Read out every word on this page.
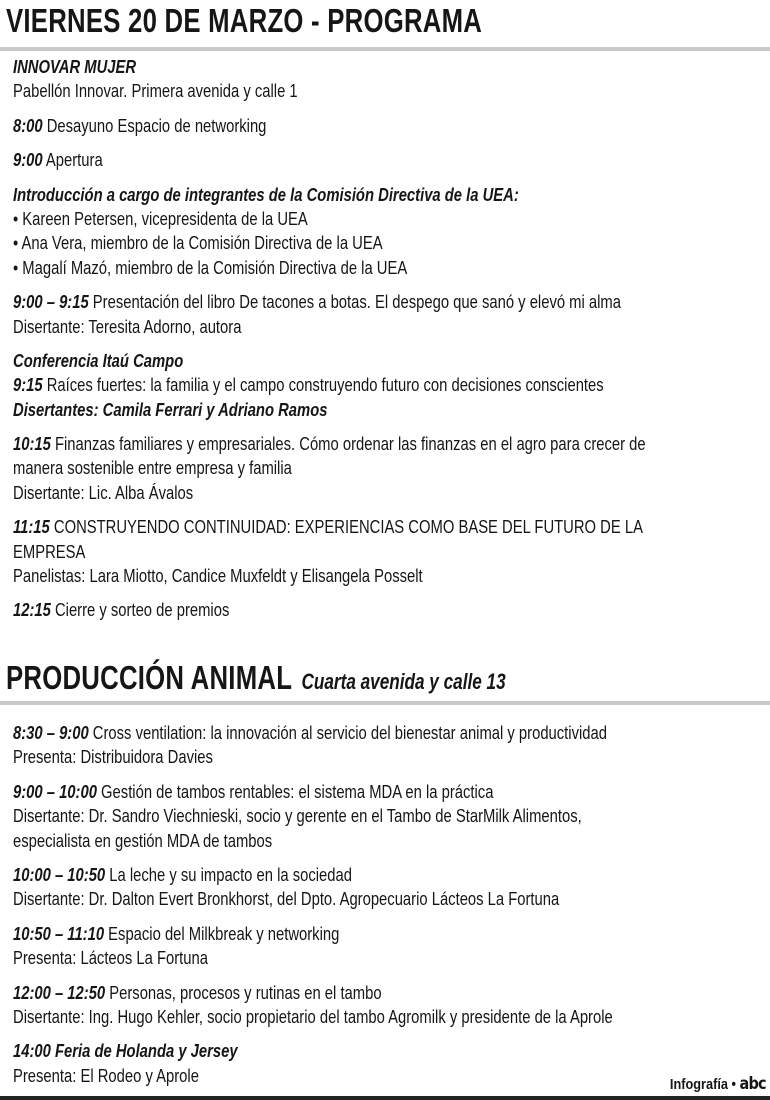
VIERNES 20 DE MARZO - PROGRAMA
INNOVAR MUJER
Pabellón Innovar. Primera avenida y calle 1
8:00 Desayuno Espacio de networking
9:00 Apertura
Introducción a cargo de integrantes de la Comisión Directiva de la UEA:
• Kareen Petersen, vicepresidenta de la UEA
• Ana Vera, miembro de la Comisión Directiva de la UEA
• Magalí Mazó, miembro de la Comisión Directiva de la UEA
9:00 – 9:15 Presentación del libro De tacones a botas. El despego que sanó y elevó mi alma
Disertante: Teresita Adorno, autora
Conferencia Itaú Campo
9:15 Raíces fuertes: la familia y el campo construyendo futuro con decisiones conscientes
Disertantes: Camila Ferrari y Adriano Ramos
10:15 Finanzas familiares y empresariales. Cómo ordenar las finanzas en el agro para crecer de
manera sostenible entre empresa y familia
Disertante: Lic. Alba Ávalos
11:15 CONSTRUYENDO CONTINUIDAD: EXPERIENCIAS COMO BASE DEL FUTURO DE LA
EMPRESA
Panelistas: Lara Miotto, Candice Muxfeldt y Elisangela Posselt
12:15 Cierre y sorteo de premios
PRODUCCIÓN ANIMAL Cuarta avenida y calle 13
8:30 – 9:00 Cross ventilation: la innovación al servicio del bienestar animal y productividad
Presenta: Distribuidora Davies
9:00 – 10:00 Gestión de tambos rentables: el sistema MDA en la práctica
Disertante: Dr. Sandro Viechnieski, socio y gerente en el Tambo de StarMilk Alimentos,
especialista en gestión MDA de tambos
10:00 – 10:50 La leche y su impacto en la sociedad
Disertante: Dr. Dalton Evert Bronkhorst, del Dpto. Agropecuario Lácteos La Fortuna
10:50 – 11:10 Espacio del Milkbreak y networking
Presenta: Lácteos La Fortuna
12:00 – 12:50 Personas, procesos y rutinas en el tambo
Disertante: Ing. Hugo Kehler, socio propietario del tambo Agromilk y presidente de la Aprole
14:00 Feria de Holanda y Jersey
Presenta: El Rodeo y Aprole	Infografía • abc
